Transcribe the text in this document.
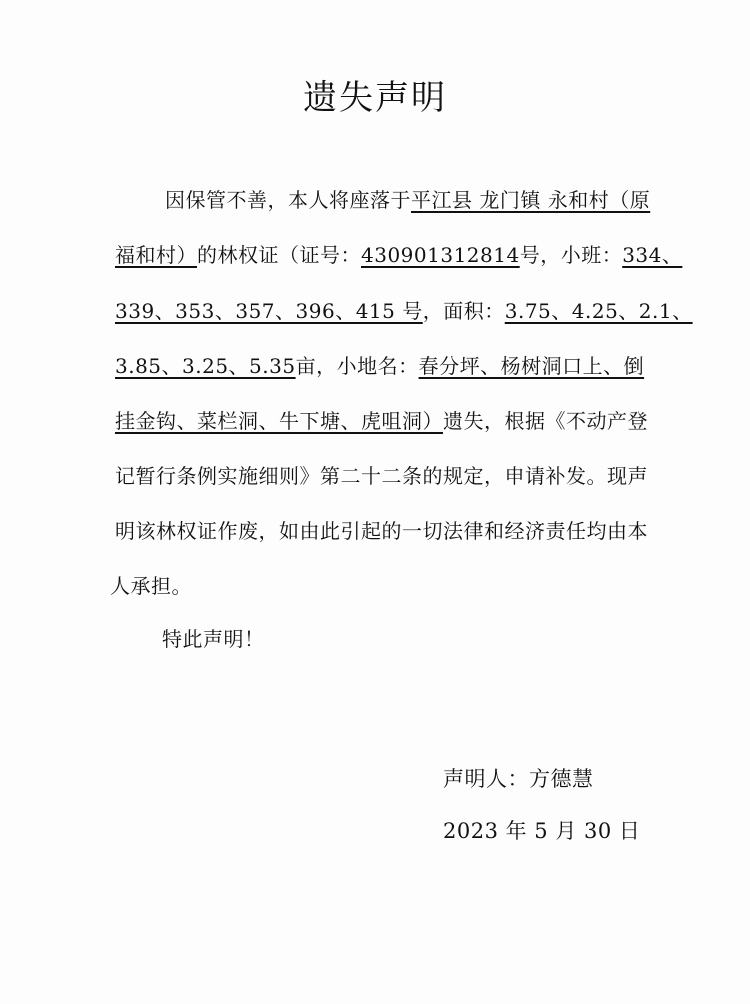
遗失声明
因保管不善，本人将座落于平江县 龙门镇 永和村（原
福和村）的林权证（证号：430901312814号，小班：334、
339、353、357、396、415 号，面积：3.75、4.25、2.1、
3.85、3.25、5.35亩，小地名：春分坪、杨树洞口上、倒
挂金钩、菜栏洞、牛下塘、虎咀洞）遗失，根据《不动产登
记暂行条例实施细则》第二十二条的规定，申请补发。现声
明该林权证作废，如由此引起的一切法律和经济责任均由本
人承担。
特此声明！
声明人：方德慧
2023 年 5 月 30 日
